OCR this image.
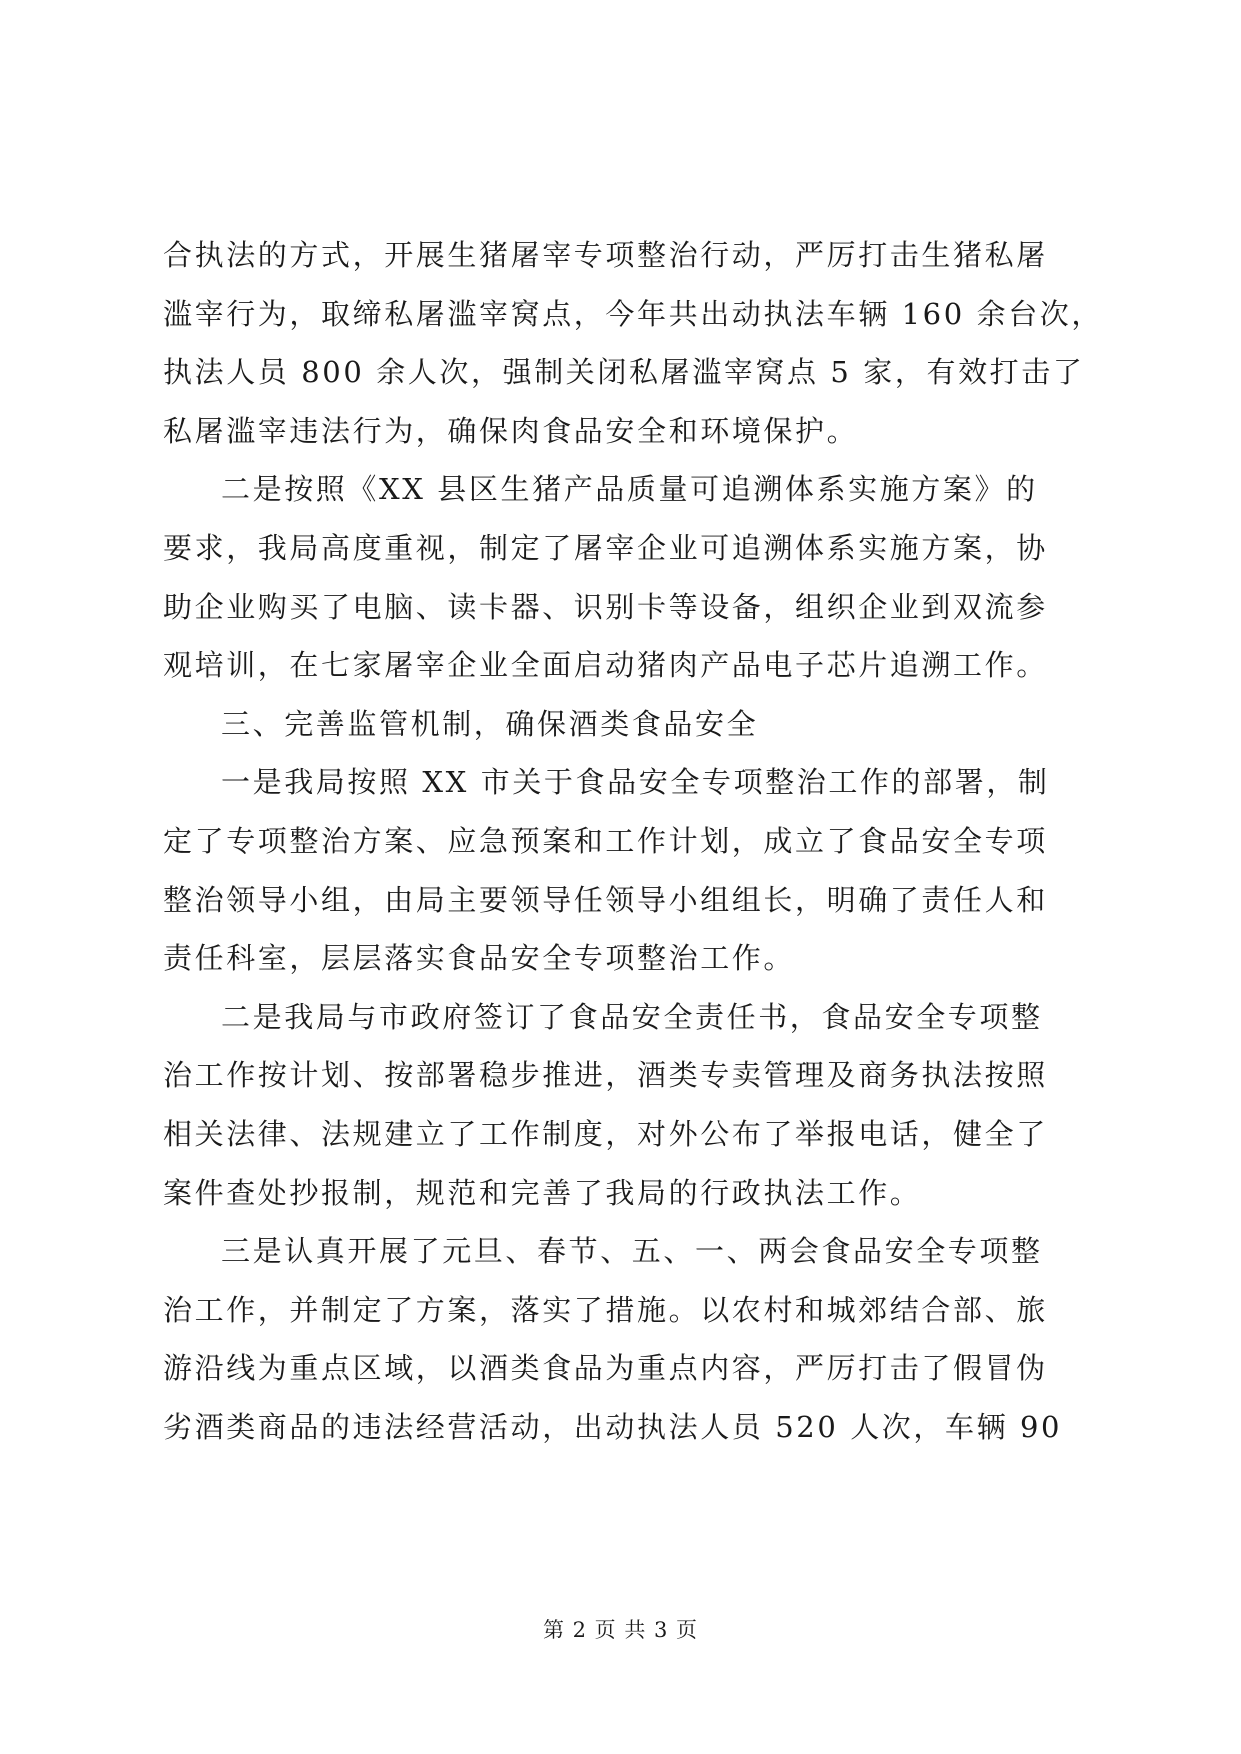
合执法的方式，开展生猪屠宰专项整治行动，严厉打击生猪私屠
滥宰行为，取缔私屠滥宰窝点，今年共出动执法车辆 160 余台次，
执法人员 800 余人次，强制关闭私屠滥宰窝点 5 家，有效打击了
私屠滥宰违法行为，确保肉食品安全和环境保护。
二是按照《XX 县区生猪产品质量可追溯体系实施方案》的
要求，我局高度重视，制定了屠宰企业可追溯体系实施方案，协
助企业购买了电脑、读卡器、识别卡等设备，组织企业到双流参
观培训，在七家屠宰企业全面启动猪肉产品电子芯片追溯工作。
三、完善监管机制，确保酒类食品安全
一是我局按照 XX 市关于食品安全专项整治工作的部署，制
定了专项整治方案、应急预案和工作计划，成立了食品安全专项
整治领导小组，由局主要领导任领导小组组长，明确了责任人和
责任科室，层层落实食品安全专项整治工作。
二是我局与市政府签订了食品安全责任书，食品安全专项整
治工作按计划、按部署稳步推进，酒类专卖管理及商务执法按照
相关法律、法规建立了工作制度，对外公布了举报电话，健全了
案件查处抄报制，规范和完善了我局的行政执法工作。
三是认真开展了元旦、春节、五、一、两会食品安全专项整
治工作，并制定了方案，落实了措施。以农村和城郊结合部、旅
游沿线为重点区域，以酒类食品为重点内容，严厉打击了假冒伪
劣酒类商品的违法经营活动，出动执法人员 520 人次，车辆 90
第 2 页 共 3 页
